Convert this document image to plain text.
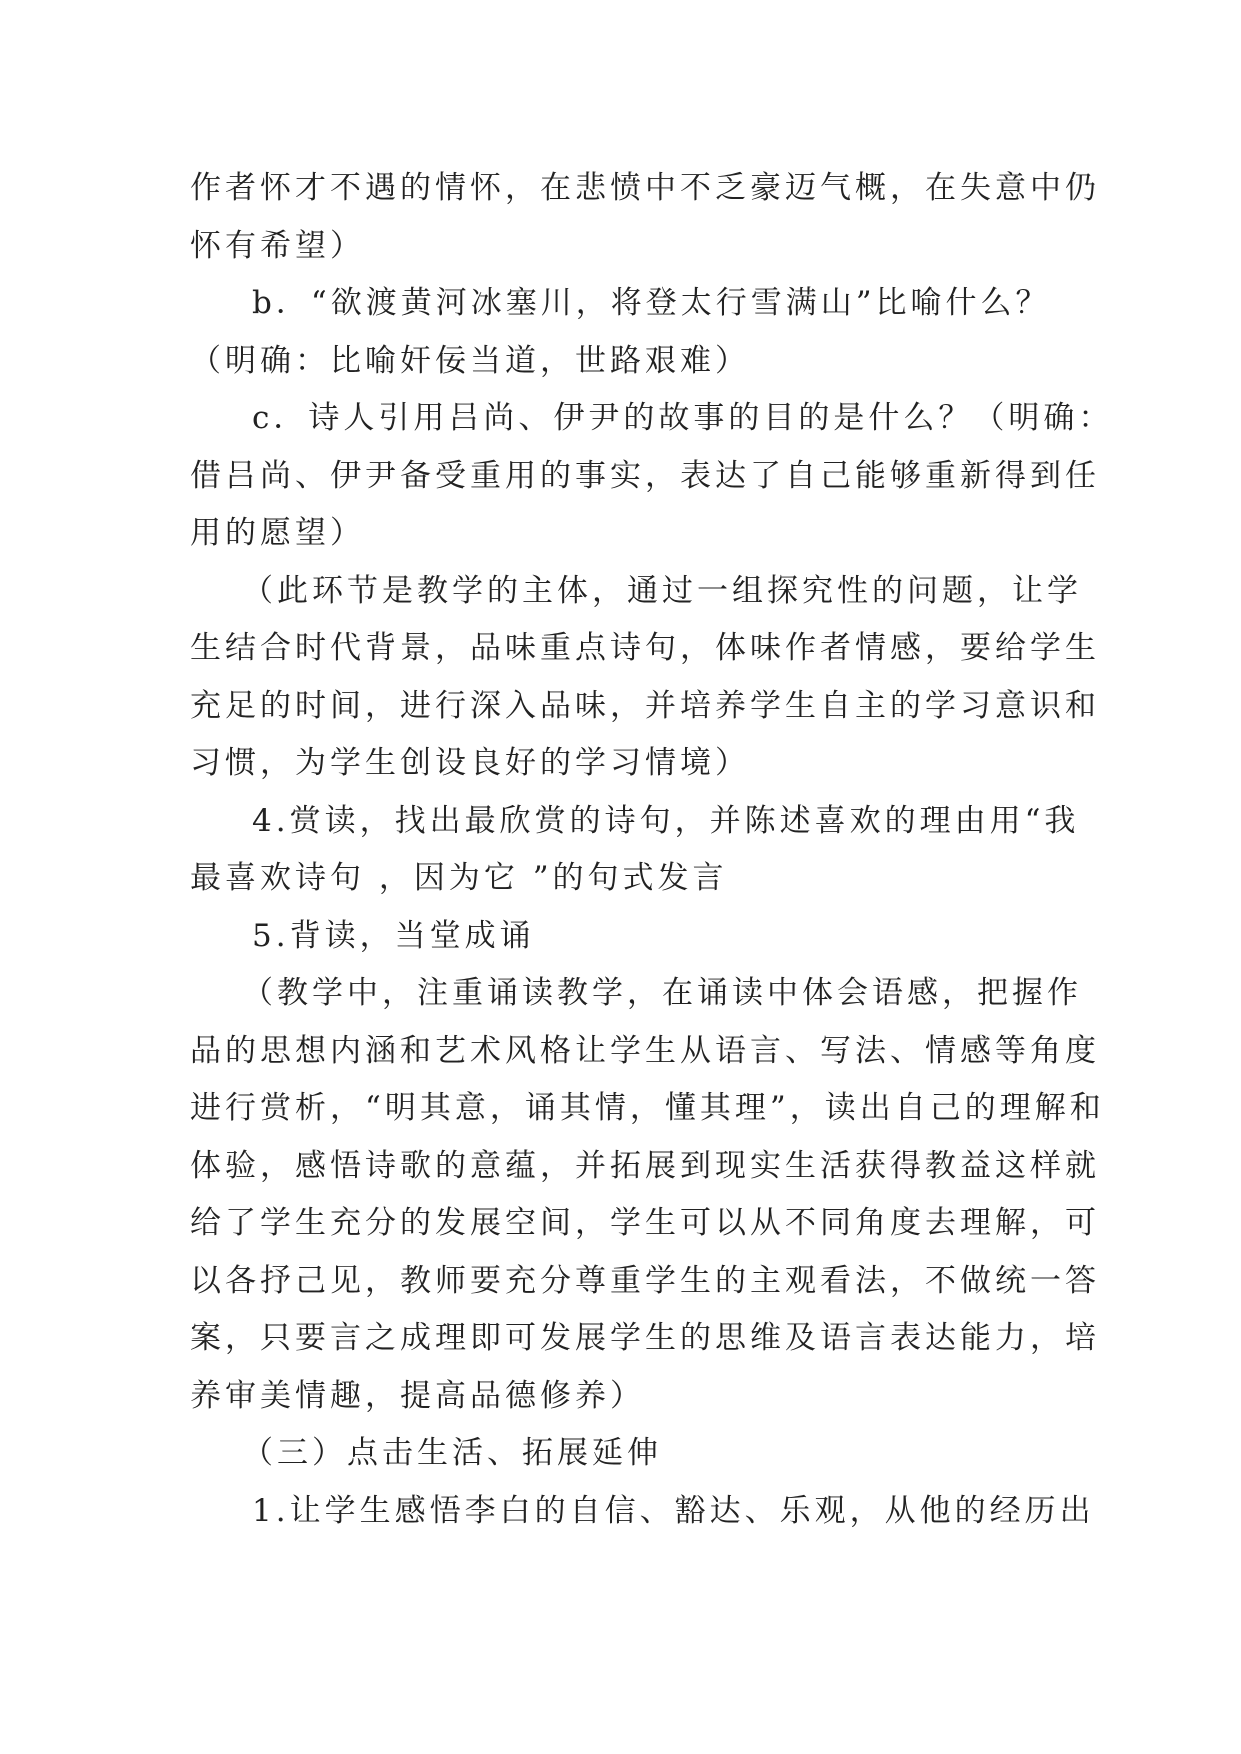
作者怀才不遇的情怀，在悲愤中不乏豪迈气概，在失意中仍
怀有希望）
b．“欲渡黄河冰塞川，将登太行雪满山”比喻什么？
（明确：比喻奸佞当道，世路艰难）
c．诗人引用吕尚、伊尹的故事的目的是什么？（明确：
借吕尚、伊尹备受重用的事实，表达了自己能够重新得到任
用的愿望）
（此环节是教学的主体，通过一组探究性的问题，让学
生结合时代背景，品味重点诗句，体味作者情感，要给学生
充足的时间，进行深入品味，并培养学生自主的学习意识和
习惯，为学生创设良好的学习情境）
4.赏读，找出最欣赏的诗句，并陈述喜欢的理由用“我
最喜欢诗句 ，因为它 ”的句式发言
5.背读，当堂成诵
（教学中，注重诵读教学，在诵读中体会语感，把握作
品的思想内涵和艺术风格让学生从语言、写法、情感等角度
进行赏析，“明其意，诵其情，懂其理”，读出自己的理解和
体验，感悟诗歌的意蕴，并拓展到现实生活获得教益这样就
给了学生充分的发展空间，学生可以从不同角度去理解，可
以各抒己见，教师要充分尊重学生的主观看法，不做统一答
案，只要言之成理即可发展学生的思维及语言表达能力，培
养审美情趣，提高品德修养）
（三）点击生活、拓展延伸
1.让学生感悟李白的自信、豁达、乐观，从他的经历出
